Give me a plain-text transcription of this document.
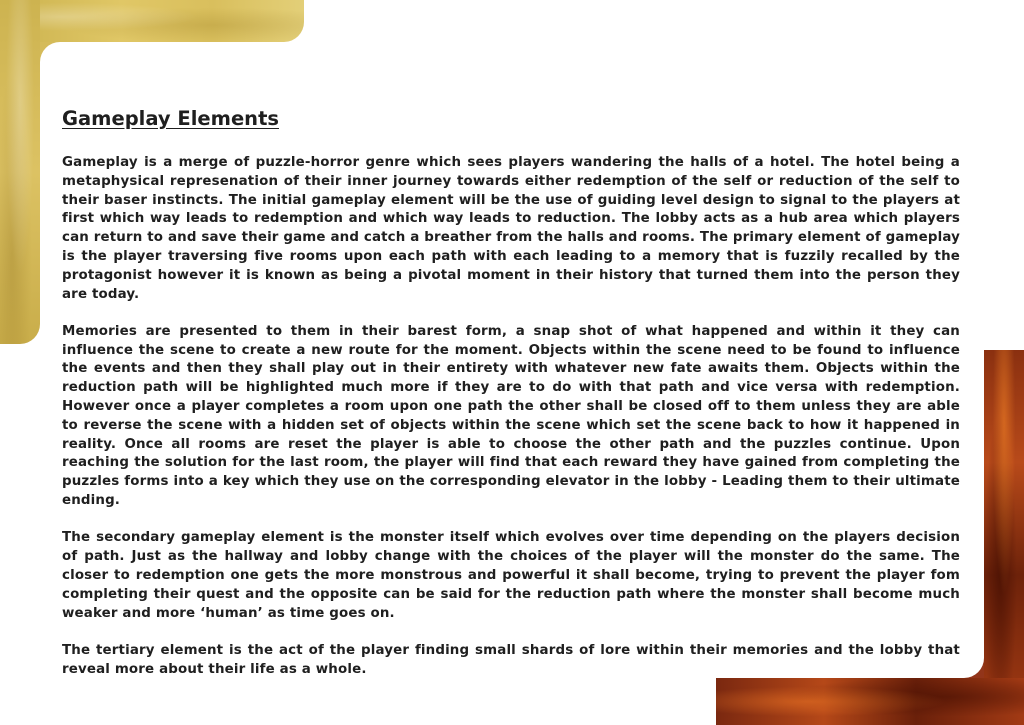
Gameplay Elements

Gameplay is a merge of puzzle-horror genre which sees players wandering the halls of a hotel. The hotel being a metaphysical represenation of their inner journey towards either redemption of the self or reduction of the self to their baser instincts. The initial gameplay element will be the use of guiding level design to signal to the players at first which way leads to redemption and which way leads to reduction. The lobby acts as a hub area which players can return to and save their game and catch a breather from the halls and rooms. The primary element of gameplay is the player traversing five rooms upon each path with each leading to a memory that is fuzzily recalled by the protagonist however it is known as being a pivotal moment in their history that turned them into the person they are today.

Memories are presented to them in their barest form, a snap shot of what happened and within it they can influence the scene to create a new route for the moment. Objects within the scene need to be found to influence the events and then they shall play out in their entirety with whatever new fate awaits them. Objects within the reduction path will be highlighted much more if they are to do with that path and vice versa with redemption. However once a player completes a room upon one path the other shall be closed off to them unless they are able to reverse the scene with a hidden set of objects within the scene which set the scene back to how it happened in reality. Once all rooms are reset the player is able to choose the other path and the puzzles continue. Upon reaching the solution for the last room, the player will find that each reward they have gained from completing the puzzles forms into a key which they use on the corresponding elevator in the lobby - Leading them to their ultimate ending.

The secondary gameplay element is the monster itself which evolves over time depending on the players decision of path. Just as the hallway and lobby change with the choices of the player will the monster do the same. The closer to redemption one gets the more monstrous and powerful it shall become, trying to prevent the player fom completing their quest and the opposite can be said for the reduction path where the monster shall become much weaker and more ‘human’ as time goes on.

The tertiary element is the act of the player finding small shards of lore within their memories and the lobby that reveal more about their life as a whole.
